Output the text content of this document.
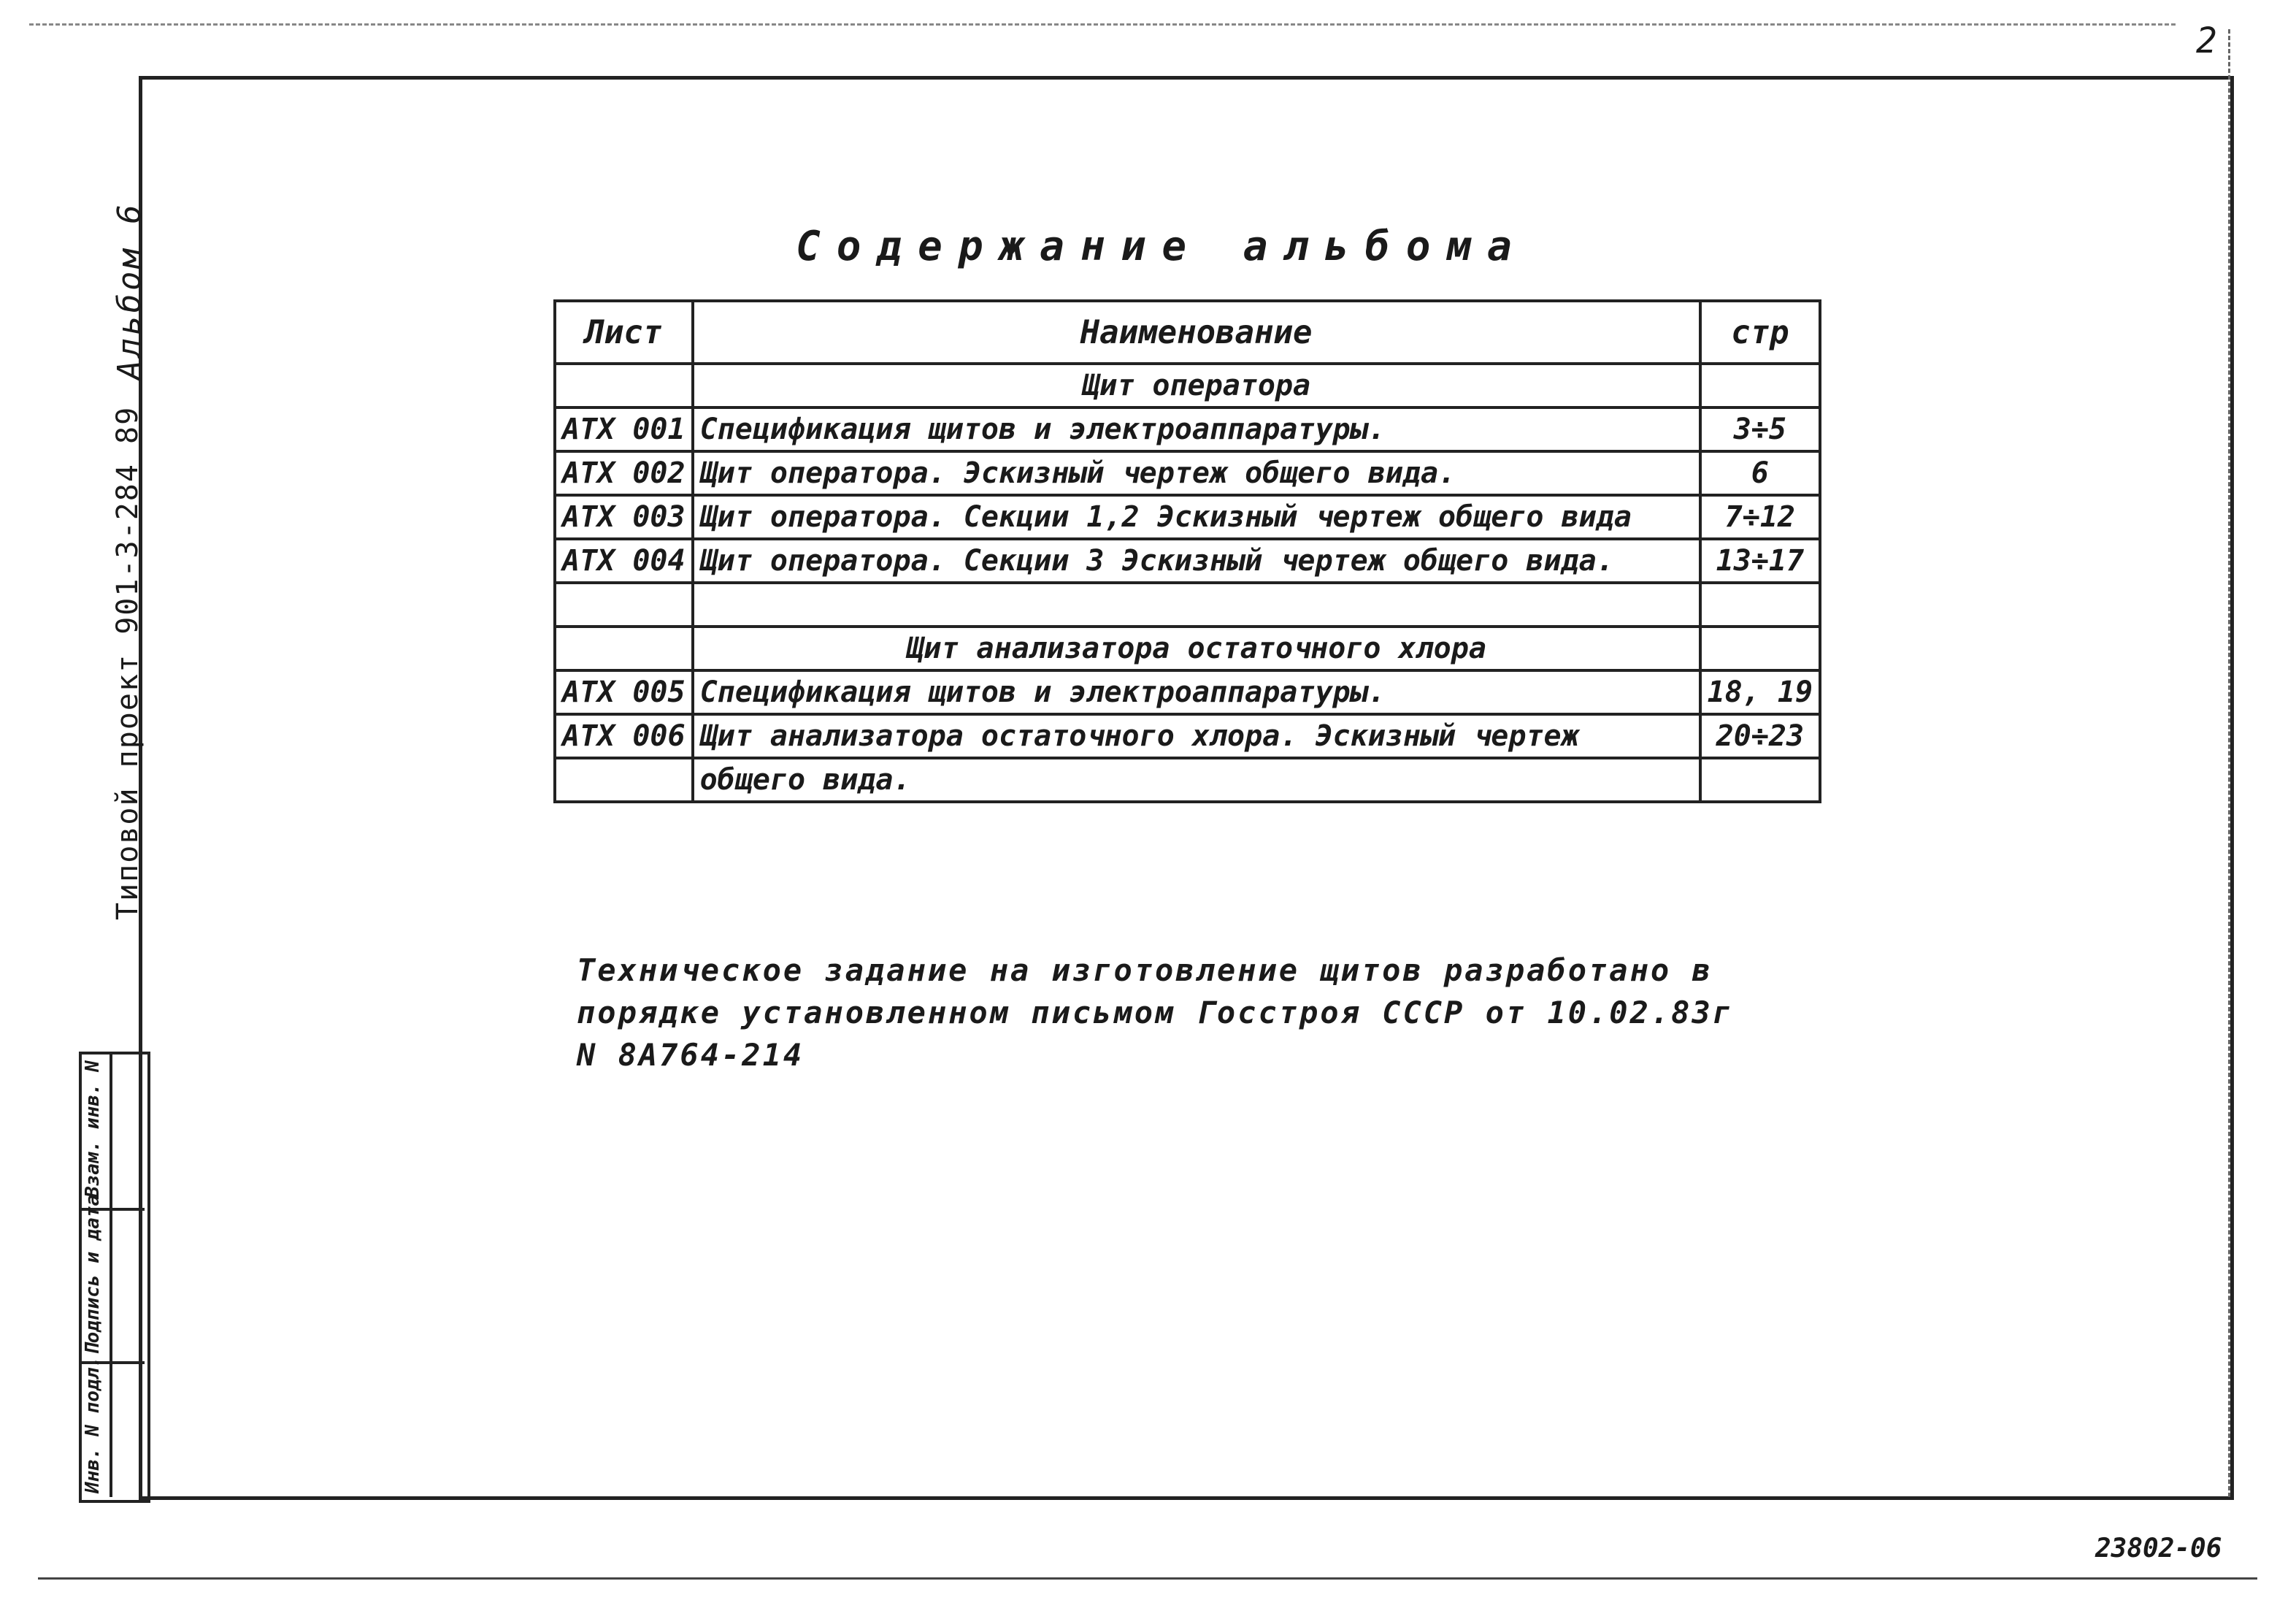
2
Типовой проект 901-3-284 89
Альбом 6
Инв. N подл.
Подпись и дата
Взам. инв. N
Содержание альбома
Лист	Наименование	стр
	Щит оператора	
АТХ 001	Спецификация щитов и электроаппаратуры.	3÷5
АТХ 002	Щит оператора. Эскизный чертеж общего вида.	6
АТХ 003	Щит оператора. Секции 1,2 Эскизный чертеж общего вида	7÷12
АТХ 004	Щит оператора. Секции 3 Эскизный чертеж общего вида.	13÷17

	Щит анализатора остаточного хлора	
АТХ 005	Спецификация щитов и электроаппаратуры.	18, 19
АТХ 006	Щит анализатора остаточного хлора. Эскизный чертеж	20÷23
	общего вида.	
Техническое задание на изготовление щитов разработано в
порядке установленном письмом Госстроя СССР от 10.02.83г
N 8А764-214
23802-06
